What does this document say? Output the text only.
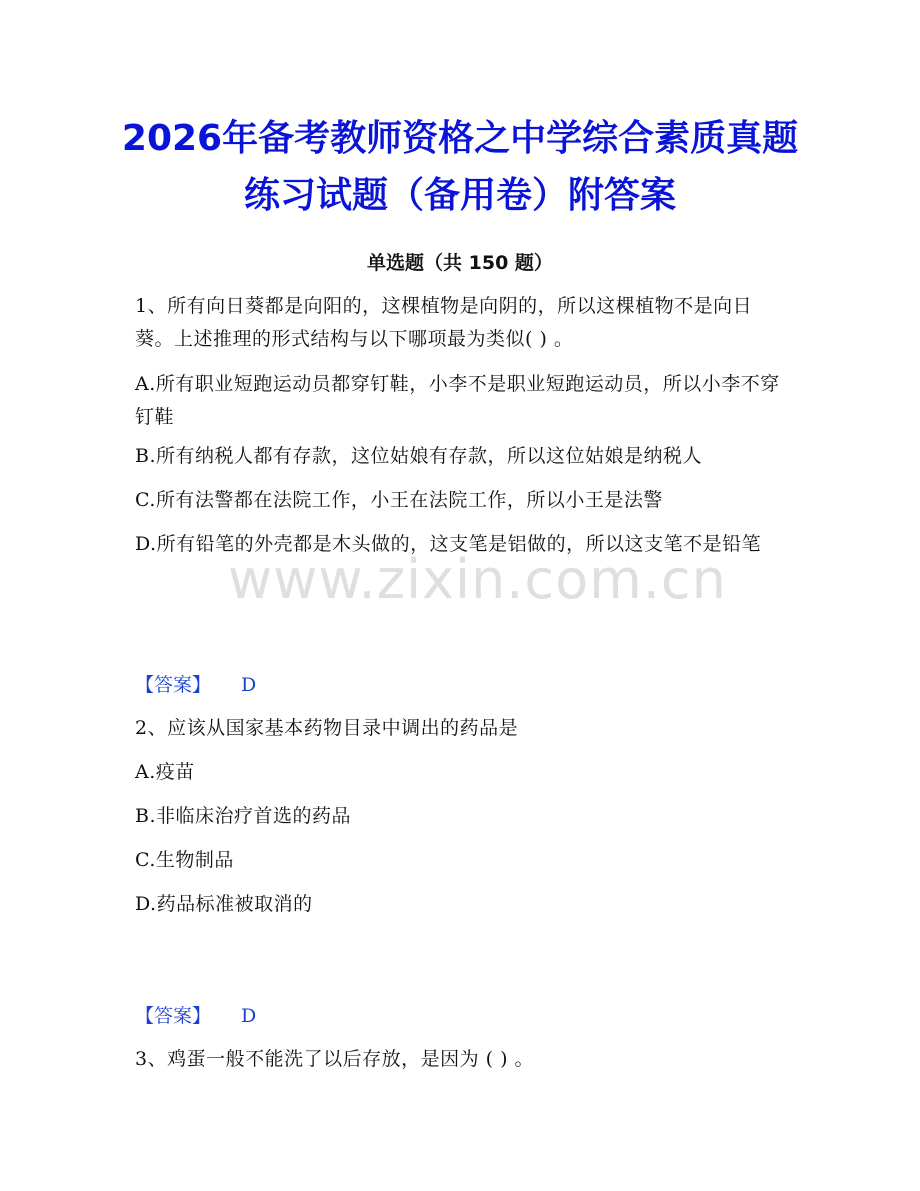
2026年备考教师资格之中学综合素质真题练习试题（备用卷）附答案
单选题（共 150 题）
1、所有向日葵都是向阳的，这棵植物是向阴的，所以这棵植物不是向日葵。上述推理的形式结构与以下哪项最为类似( ) 。
A.所有职业短跑运动员都穿钉鞋，小李不是职业短跑运动员，所以小李不穿钉鞋
B.所有纳税人都有存款，这位姑娘有存款，所以这位姑娘是纳税人
C.所有法警都在法院工作，小王在法院工作，所以小王是法警
D.所有铅笔的外壳都是木头做的，这支笔是铝做的，所以这支笔不是铅笔
www.zixin.com.cn
【答案】 D
2、应该从国家基本药物目录中调出的药品是
A.疫苗
B.非临床治疗首选的药品
C.生物制品
D.药品标准被取消的
【答案】 D
3、鸡蛋一般不能洗了以后存放，是因为 ( ) 。
